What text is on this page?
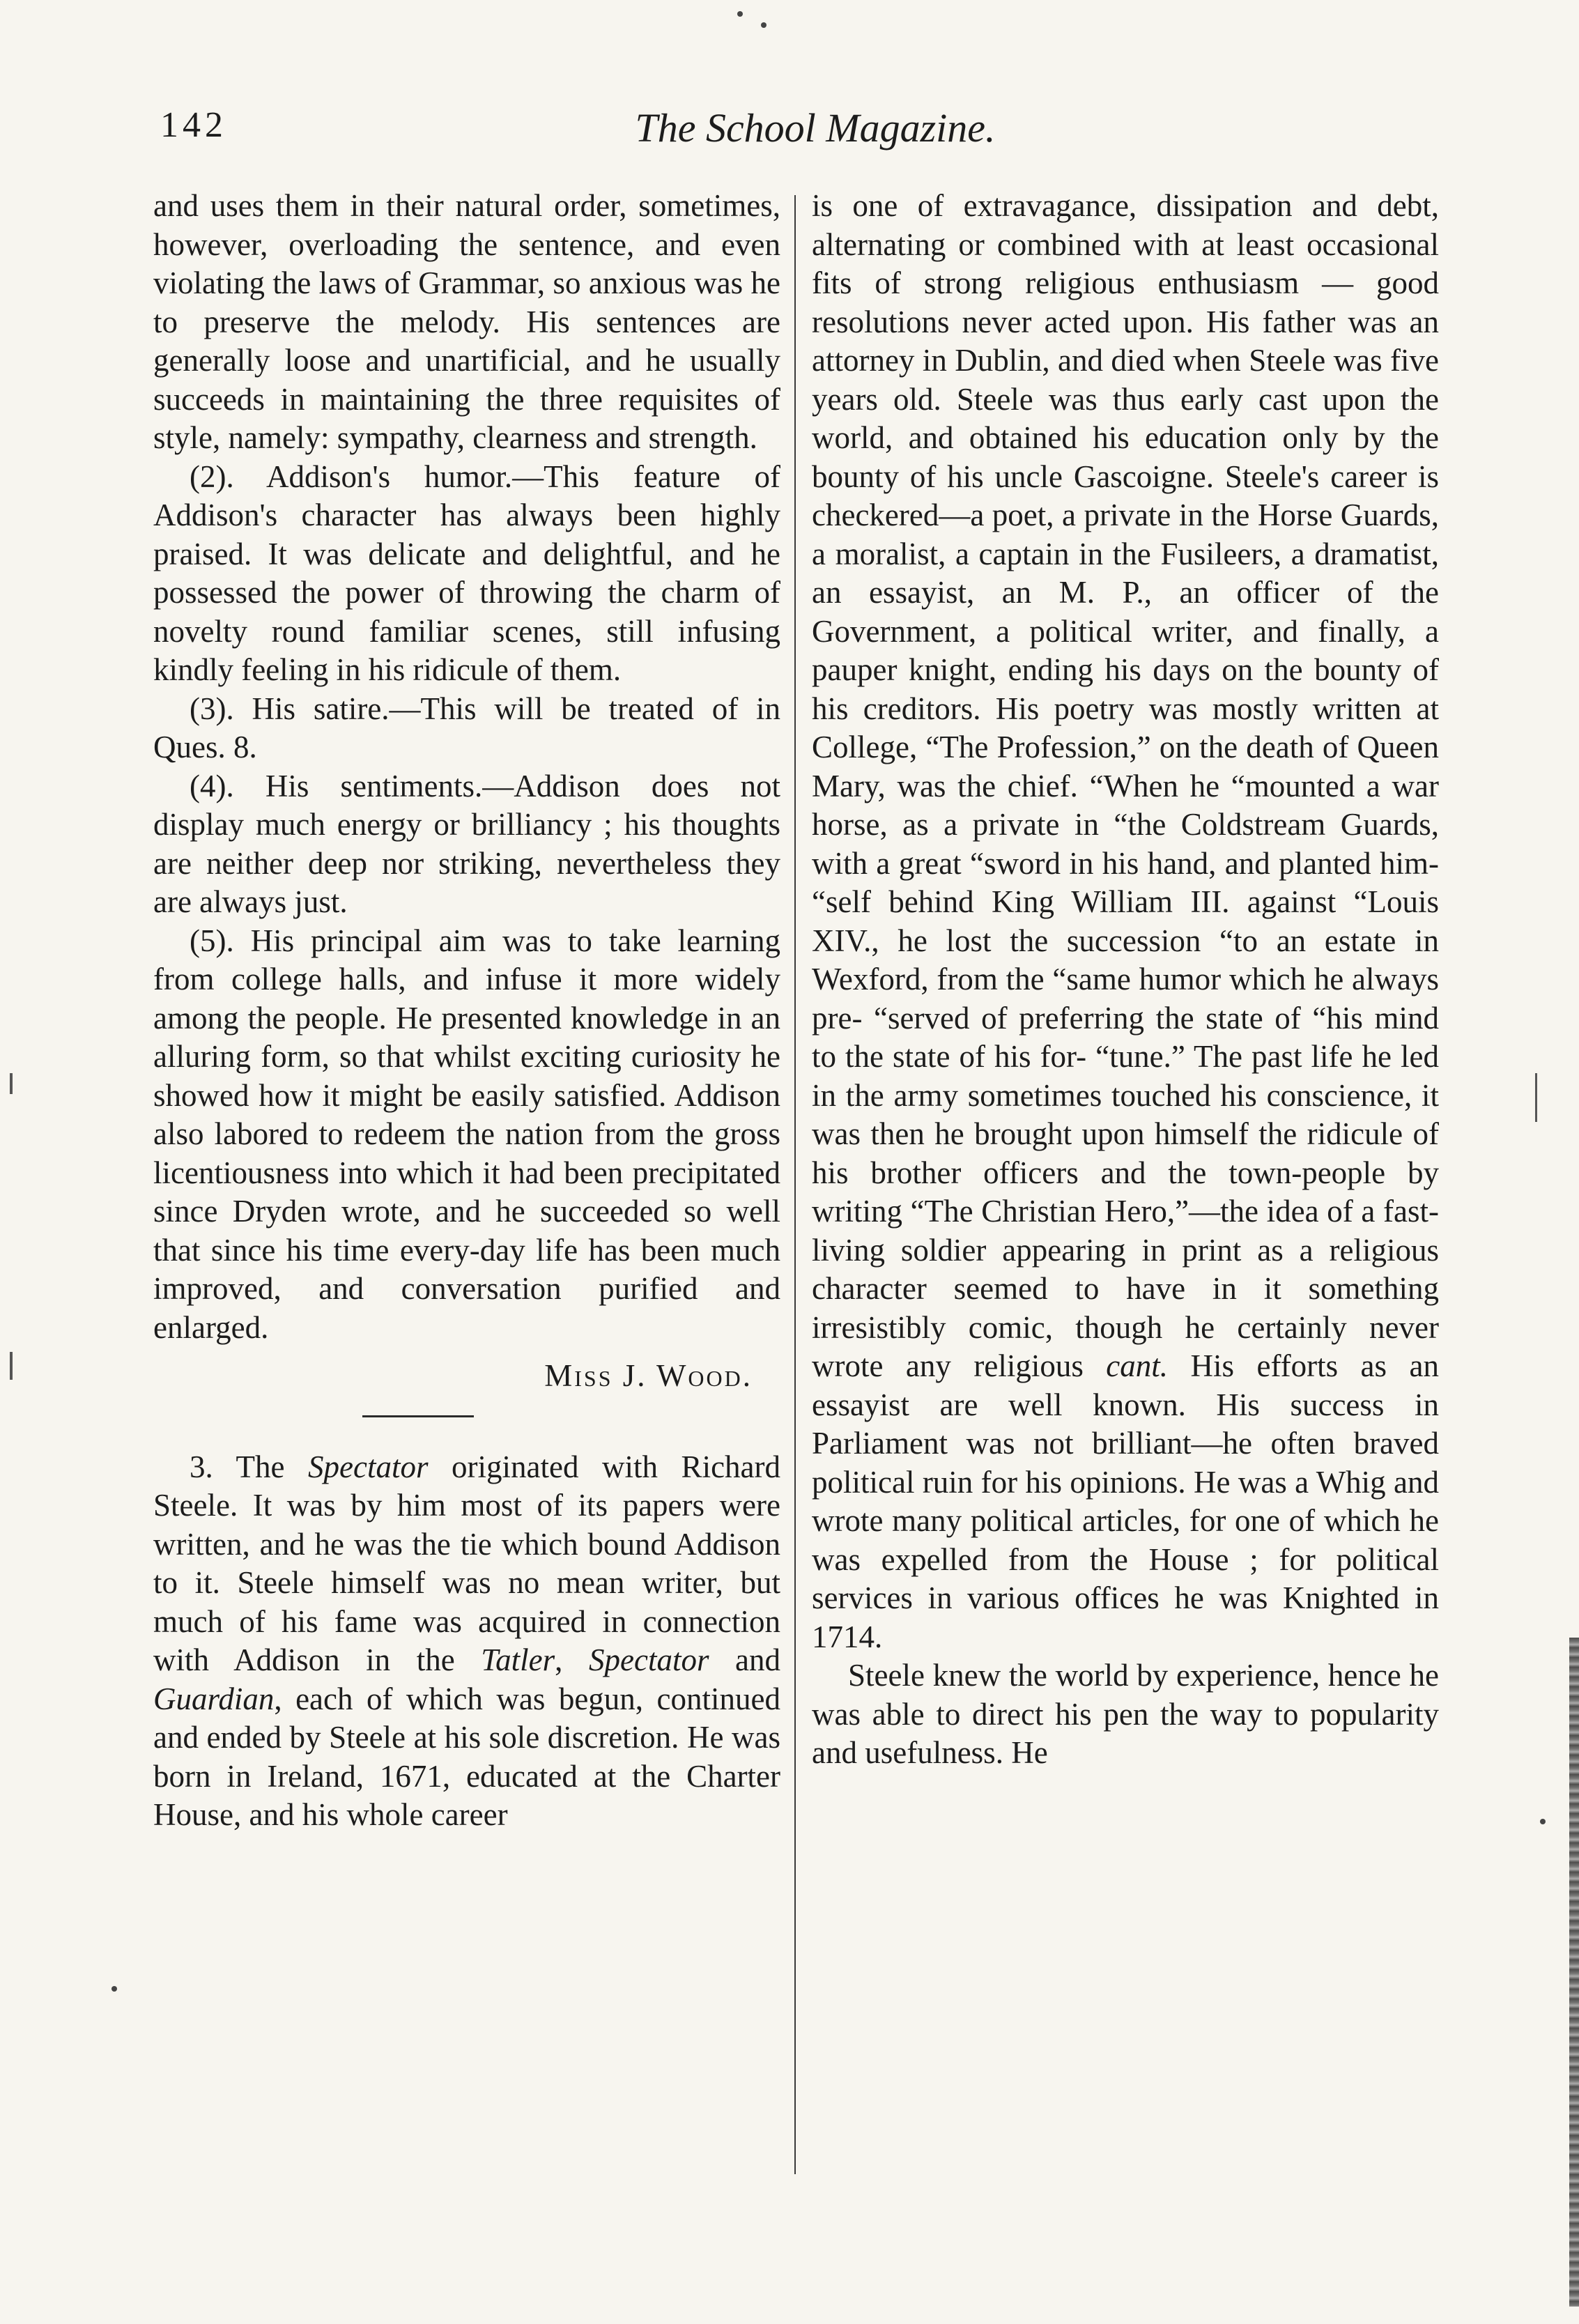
142	The School Magazine.

and uses them in their natural order, sometimes, however, overloading the sentence, and even violating the laws of Grammar, so anxious was he to preserve the melody. His sentences are generally loose and unartificial, and he usually succeeds in maintaining the three requisites of style, namely: sympathy, clearness and strength.

(2). Addison's humor.—This feature of Addison's character has always been highly praised. It was delicate and delightful, and he possessed the power of throwing the charm of novelty round familiar scenes, still infusing kindly feeling in his ridicule of them.

(3). His satire.—This will be treated of in Ques. 8.

(4). His sentiments.—Addison does not display much energy or brilliancy ; his thoughts are neither deep nor striking, nevertheless they are always just.

(5). His principal aim was to take learning from college halls, and infuse it more widely among the people. He presented knowledge in an alluring form, so that whilst exciting curiosity he showed how it might be easily satisfied. Addison also labored to redeem the nation from the gross licentiousness into which it had been precipitated since Dryden wrote, and he succeeded so well that since his time every-day life has been much improved, and conversation purified and enlarged.

Miss J. Wood.

3. The Spectator originated with Richard Steele. It was by him most of its papers were written, and he was the tie which bound Addison to it. Steele himself was no mean writer, but much of his fame was acquired in connection with Addison in the Tatler, Spectator and Guardian, each of which was begun, continued and ended by Steele at his sole discretion. He was born in Ireland, 1671, educated at the Charter House, and his whole career

is one of extravagance, dissipation and debt, alternating or combined with at least occasional fits of strong religious enthusiasm — good resolutions never acted upon. His father was an attorney in Dublin, and died when Steele was five years old. Steele was thus early cast upon the world, and obtained his education only by the bounty of his uncle Gascoigne. Steele's career is checkered—a poet, a private in the Horse Guards, a moralist, a captain in the Fusileers, a dramatist, an essayist, an M. P., an officer of the Government, a political writer, and finally, a pauper knight, ending his days on the bounty of his creditors. His poetry was mostly written at College, “The Profession,” on the death of Queen Mary, was the chief. “When he “mounted a war horse, as a private in “the Coldstream Guards, with a great “sword in his hand, and planted him- “self behind King William III. against “Louis XIV., he lost the succession “to an estate in Wexford, from the “same humor which he always pre- “served of preferring the state of “his mind to the state of his for- “tune.” The past life he led in the army sometimes touched his conscience, it was then he brought upon himself the ridicule of his brother officers and the town-people by writing “The Christian Hero,”—the idea of a fast-living soldier appearing in print as a religious character seemed to have in it something irresistibly comic, though he certainly never wrote any religious cant. His efforts as an essayist are well known. His success in Parliament was not brilliant—he often braved political ruin for his opinions. He was a Whig and wrote many political articles, for one of which he was expelled from the House ; for political services in various offices he was Knighted in 1714.

Steele knew the world by experience, hence he was able to direct his pen the way to popularity and usefulness. He
